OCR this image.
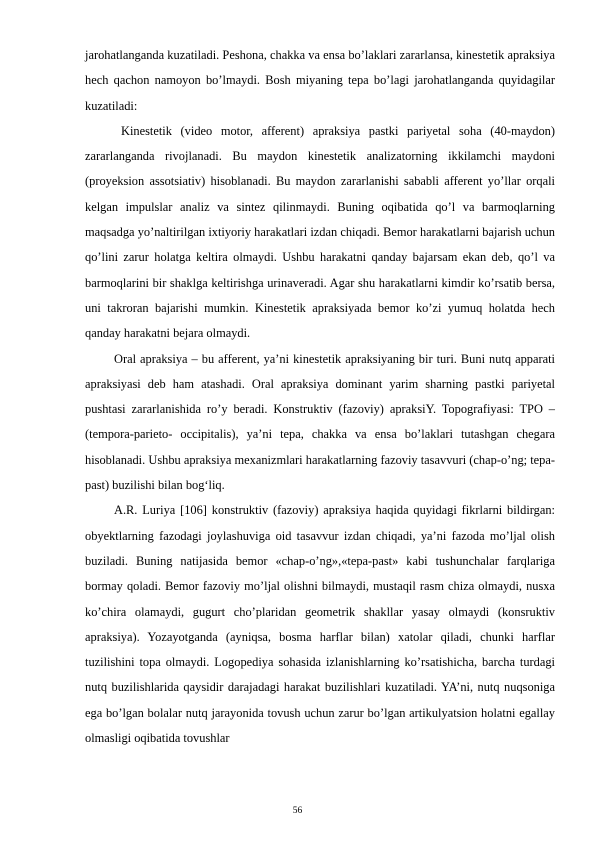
jarohatlanganda kuzatiladi. Peshona, chakka va ensa bo’laklari zararlansa, kinestetik apraksiya hech qachon namoyon bo’lmaydi. Bosh miyaning tepa bo’lagi jarohatlanganda quyidagilar kuzatiladi:

Kinestetik (video motor, afferent) apraksiya pastki pariyetal soha (40-maydon) zararlanganda rivojlanadi. Bu maydon kinestetik analizatorning ikkilamchi maydoni (proyeksion assotsiativ) hisoblanadi. Bu maydon zararlanishi sababli afferent yo’llar orqali kelgan impulslar analiz va sintez qilinmaydi. Buning oqibatida qo’l va barmoqlarning maqsadga yo’naltirilgan ixtiyoriy harakatlari izdan chiqadi. Bemor harakatlarni bajarish uchun qo’lini zarur holatga keltira olmaydi. Ushbu harakatni qanday bajarsam ekan deb, qo’l va barmoqlarini bir shaklga keltirishga urinaveradi. Agar shu harakatlarni kimdir ko’rsatib bersa, uni takroran bajarishi mumkin. Kinestetik apraksiyada bemor ko’zi yumuq holatda hech qanday harakatni bejara olmaydi.

Oral apraksiya – bu afferent, ya’ni kinestetik apraksiyaning bir turi. Buni nutq apparati apraksiyasi deb ham atashadi. Oral apraksiya dominant yarim sharning pastki pariyetal pushtasi zararlanishida ro’y beradi. Konstruktiv (fazoviy) apraksiY. Topografiyasi: TPO – (tempora-parieto- occipitalis), ya’ni tepa, chakka va ensa bo’laklari tutashgan chegara hisoblanadi. Ushbu apraksiya mexanizmlari harakatlarning fazoviy tasavvuri (chap-o’ng; tepa-past) buzilishi bilan bog‘liq.

A.R. Luriya [106] konstruktiv (fazoviy) apraksiya haqida quyidagi fikrlarni bildirgan: obyektlarning fazodagi joylashuviga oid tasavvur izdan chiqadi, ya’ni fazoda mo’ljal olish buziladi. Buning natijasida bemor «chap-o’ng»,«tepa-past» kabi tushunchalar farqlariga bormay qoladi. Bemor fazoviy mo’ljal olishni bilmaydi, mustaqil rasm chiza olmaydi, nusxa ko’chira olamaydi, gugurt cho’plaridan geometrik shakllar yasay olmaydi (konsruktiv apraksiya). Yozayotganda (ayniqsa, bosma harflar bilan) xatolar qiladi, chunki harflar tuzilishini topa olmaydi. Logopediya sohasida izlanishlarning ko’rsatishicha, barcha turdagi nutq buzilishlarida qaysidir darajadagi harakat buzilishlari kuzatiladi. YA’ni, nutq nuqsoniga ega bo’lgan bolalar nutq jarayonida tovush uchun zarur bo’lgan artikulyatsion holatni egallay olmasligi oqibatida tovushlar

56
